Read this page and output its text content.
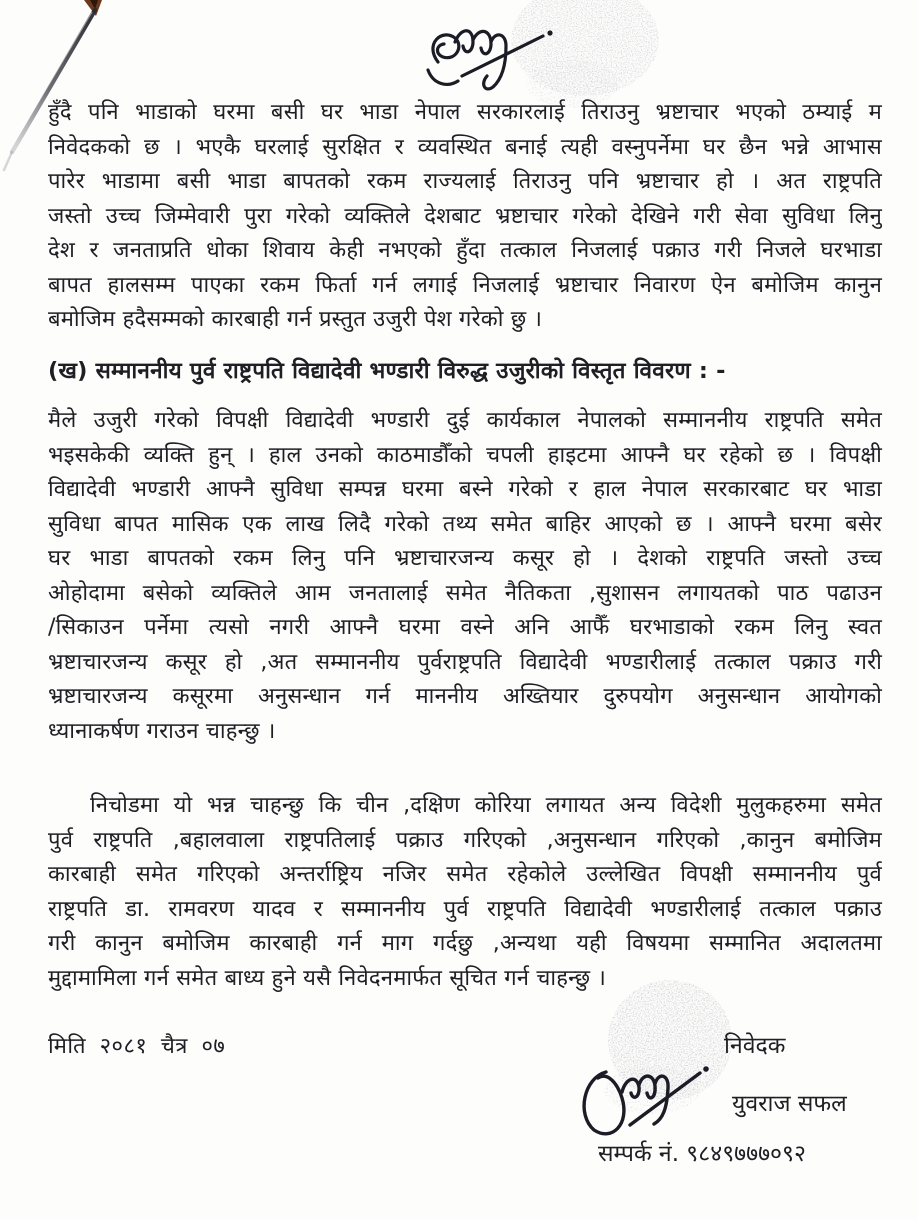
हुँदै पनि भाडाको घरमा बसी घर भाडा नेपाल सरकारलाई तिराउनु भ्रष्टाचार भएको ठम्याई म
निवेदकको छ । भएकै घरलाई सुरक्षित र व्यवस्थित बनाई त्यही वस्नुपर्नेमा घर छैन भन्ने आभास
पारेर भाडामा बसी भाडा बापतको रकम राज्यलाई तिराउनु पनि भ्रष्टाचार हो । अत राष्ट्रपति
जस्तो उच्च जिम्मेवारी पुरा गरेको व्यक्तिले देशबाट भ्रष्टाचार गरेको देखिने गरी सेवा सुविधा लिनु
देश र जनताप्रति धोका शिवाय केही नभएको हुँदा तत्काल निजलाई पक्राउ गरी निजले घरभाडा
बापत हालसम्म पाएका रकम फिर्ता गर्न लगाई निजलाई भ्रष्टाचार निवारण ऐन बमोजिम कानुन
बमोजिम हदैसम्मको कारबाही गर्न प्रस्तुत उजुरी पेश गरेको छु ।
(ख) सम्माननीय पुर्व राष्ट्रपति विद्यादेवी भण्डारी विरुद्ध उजुरीको विस्तृत विवरण : -
मैले उजुरी गरेको विपक्षी विद्यादेवी भण्डारी दुई कार्यकाल नेपालको सम्माननीय राष्ट्रपति समेत
भइसकेकी व्यक्ति हुन् । हाल उनको काठमाडौँको चपली हाइटमा आफ्नै घर रहेको छ । विपक्षी
विद्यादेवी भण्डारी आफ्नै सुविधा सम्पन्न घरमा बस्ने गरेको र हाल नेपाल सरकारबाट घर भाडा
सुविधा बापत मासिक एक लाख लिदै गरेको तथ्य समेत बाहिर आएको छ । आफ्नै घरमा बसेर
घर भाडा बापतको रकम लिनु पनि भ्रष्टाचारजन्य कसूर हो । देशको राष्ट्रपति जस्तो उच्च
ओहोदामा बसेको व्यक्तिले आम जनतालाई समेत नैतिकता ,सुशासन लगायतको पाठ पढाउन
/सिकाउन पर्नेमा त्यसो नगरी आफ्नै घरमा वस्ने अनि आफैँ घरभाडाको रकम लिनु स्वत
भ्रष्टाचारजन्य कसूर हो ,अत सम्माननीय पुर्वराष्ट्रपति विद्यादेवी भण्डारीलाई तत्काल पक्राउ गरी
भ्रष्टाचारजन्य कसूरमा अनुसन्धान गर्न माननीय अख्तियार दुरुपयोग अनुसन्धान आयोगको
ध्यानाकर्षण गराउन चाहन्छु ।
निचोडमा यो भन्न चाहन्छु कि चीन ,दक्षिण कोरिया लगायत अन्य विदेशी मुलुकहरुमा समेत
पुर्व राष्ट्रपति ,बहालवाला राष्ट्रपतिलाई पक्राउ गरिएको ,अनुसन्धान गरिएको ,कानुन बमोजिम
कारबाही समेत गरिएको अन्तर्राष्ट्रिय नजिर समेत रहेकोले उल्लेखित विपक्षी सम्माननीय पुर्व
राष्ट्रपति डा. रामवरण यादव र सम्माननीय पुर्व राष्ट्रपति विद्यादेवी भण्डारीलाई तत्काल पक्राउ
गरी कानुन बमोजिम कारबाही गर्न माग गर्दछु ,अन्यथा यही विषयमा सम्मानित अदालतमा
मुद्दामामिला गर्न समेत बाध्य हुने यसै निवेदनमार्फत सूचित गर्न चाहन्छु ।
मिति २०८१ चैत्र ०७	निवेदक
युवराज सफल
सम्पर्क नं. ९८४९७७७०९२
